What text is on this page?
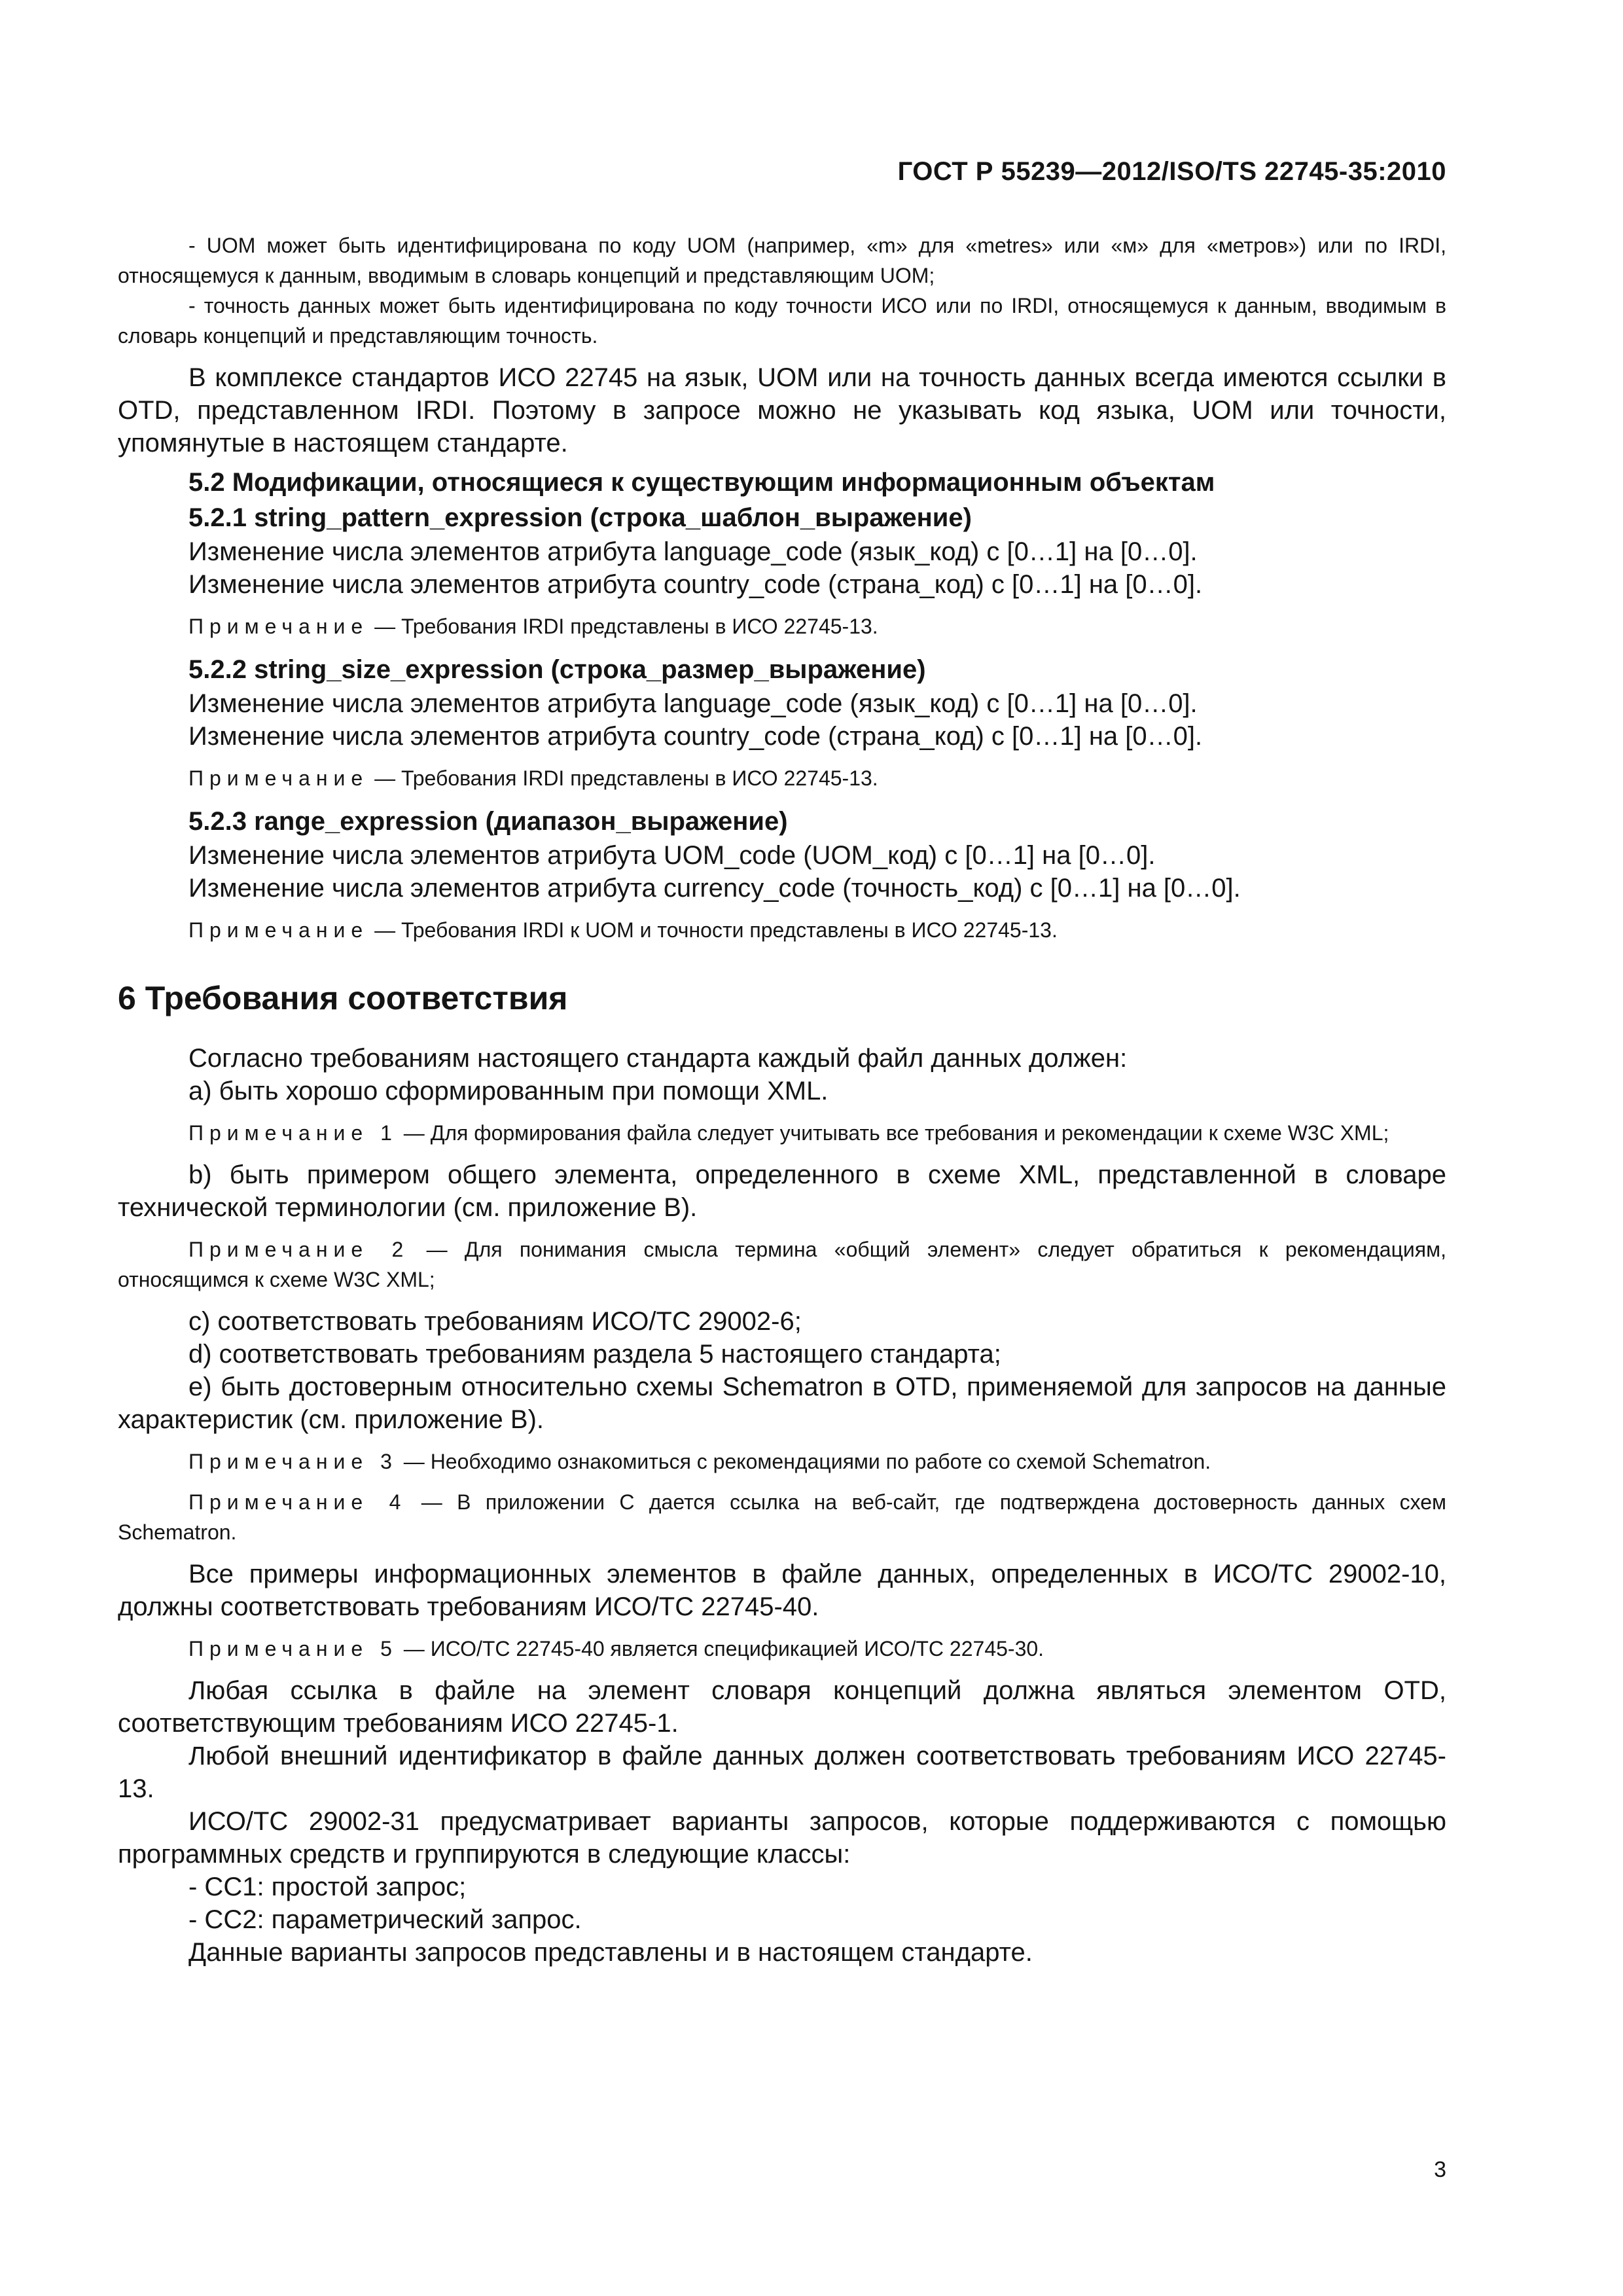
ГОСТ Р 55239—2012/ISO/TS 22745-35:2010

- UOM может быть идентифицирована по коду UOM (например, «m» для «metres» или «м» для «метров») или по IRDI, относящемуся к данным, вводимым в словарь концепций и представляющим UOM;

- точность данных может быть идентифицирована по коду точности ИСО или по IRDI, относящемуся к данным, вводимым в словарь концепций и представляющим точность.

В комплексе стандартов ИСО 22745 на язык, UOM или на точность данных всегда имеются ссылки в OTD, представленном IRDI. Поэтому в запросе можно не указывать код языка, UOM или точности, упомянутые в настоящем стандарте.

5.2 Модификации, относящиеся к существующим информационным объектам

5.2.1 string_pattern_expression (строка_шаблон_выражение)

Изменение числа элементов атрибута language_code (язык_код) с [0…1] на [0…0].

Изменение числа элементов атрибута country_code (страна_код) с [0…1] на [0…0].

Примечание — Требования IRDI представлены в ИСО 22745-13.

5.2.2 string_size_expression (строка_размер_выражение)

Изменение числа элементов атрибута language_code (язык_код) с [0…1] на [0…0].

Изменение числа элементов атрибута country_code (страна_код) с [0…1] на [0…0].

Примечание — Требования IRDI представлены в ИСО 22745-13.

5.2.3 range_expression (диапазон_выражение)

Изменение числа элементов атрибута UOM_code (UOM_код) с [0…1] на [0…0].

Изменение числа элементов атрибута currency_code (точность_код) с [0…1] на [0…0].

Примечание — Требования IRDI к UOM и точности представлены в ИСО 22745-13.

6 Требования соответствия

Согласно требованиям настоящего стандарта каждый файл данных должен:

a) быть хорошо сформированным при помощи XML.

Примечание 1 — Для формирования файла следует учитывать все требования и рекомендации к схеме W3C XML;

b) быть примером общего элемента, определенного в схеме XML, представленной в словаре технической терминологии (см. приложение В).

Примечание 2 — Для понимания смысла термина «общий элемент» следует обратиться к рекомендациям, относящимся к схеме W3C XML;

c) соответствовать требованиям ИСО/ТС 29002-6;

d) соответствовать требованиям раздела 5 настоящего стандарта;

e) быть достоверным относительно схемы Schematron в OTD, применяемой для запросов на данные характеристик (см. приложение В).

Примечание 3 — Необходимо ознакомиться с рекомендациями по работе со схемой Schematron.

Примечание 4 — В приложении С дается ссылка на веб-сайт, где подтверждена достоверность данных схем Schematron.

Все примеры информационных элементов в файле данных, определенных в ИСО/ТС 29002-10, должны соответствовать требованиям ИСО/ТС 22745-40.

Примечание 5 — ИСО/ТС 22745-40 является спецификацией ИСО/ТС 22745-30.

Любая ссылка в файле на элемент словаря концепций должна являться элементом OTD, соответствующим требованиям ИСО 22745-1.

Любой внешний идентификатор в файле данных должен соответствовать требованиям ИСО 22745-13.

ИСО/ТС 29002-31 предусматривает варианты запросов, которые поддерживаются с помощью программных средств и группируются в следующие классы:

- CC1: простой запрос;

- CC2: параметрический запрос.

Данные варианты запросов представлены и в настоящем стандарте.

3
